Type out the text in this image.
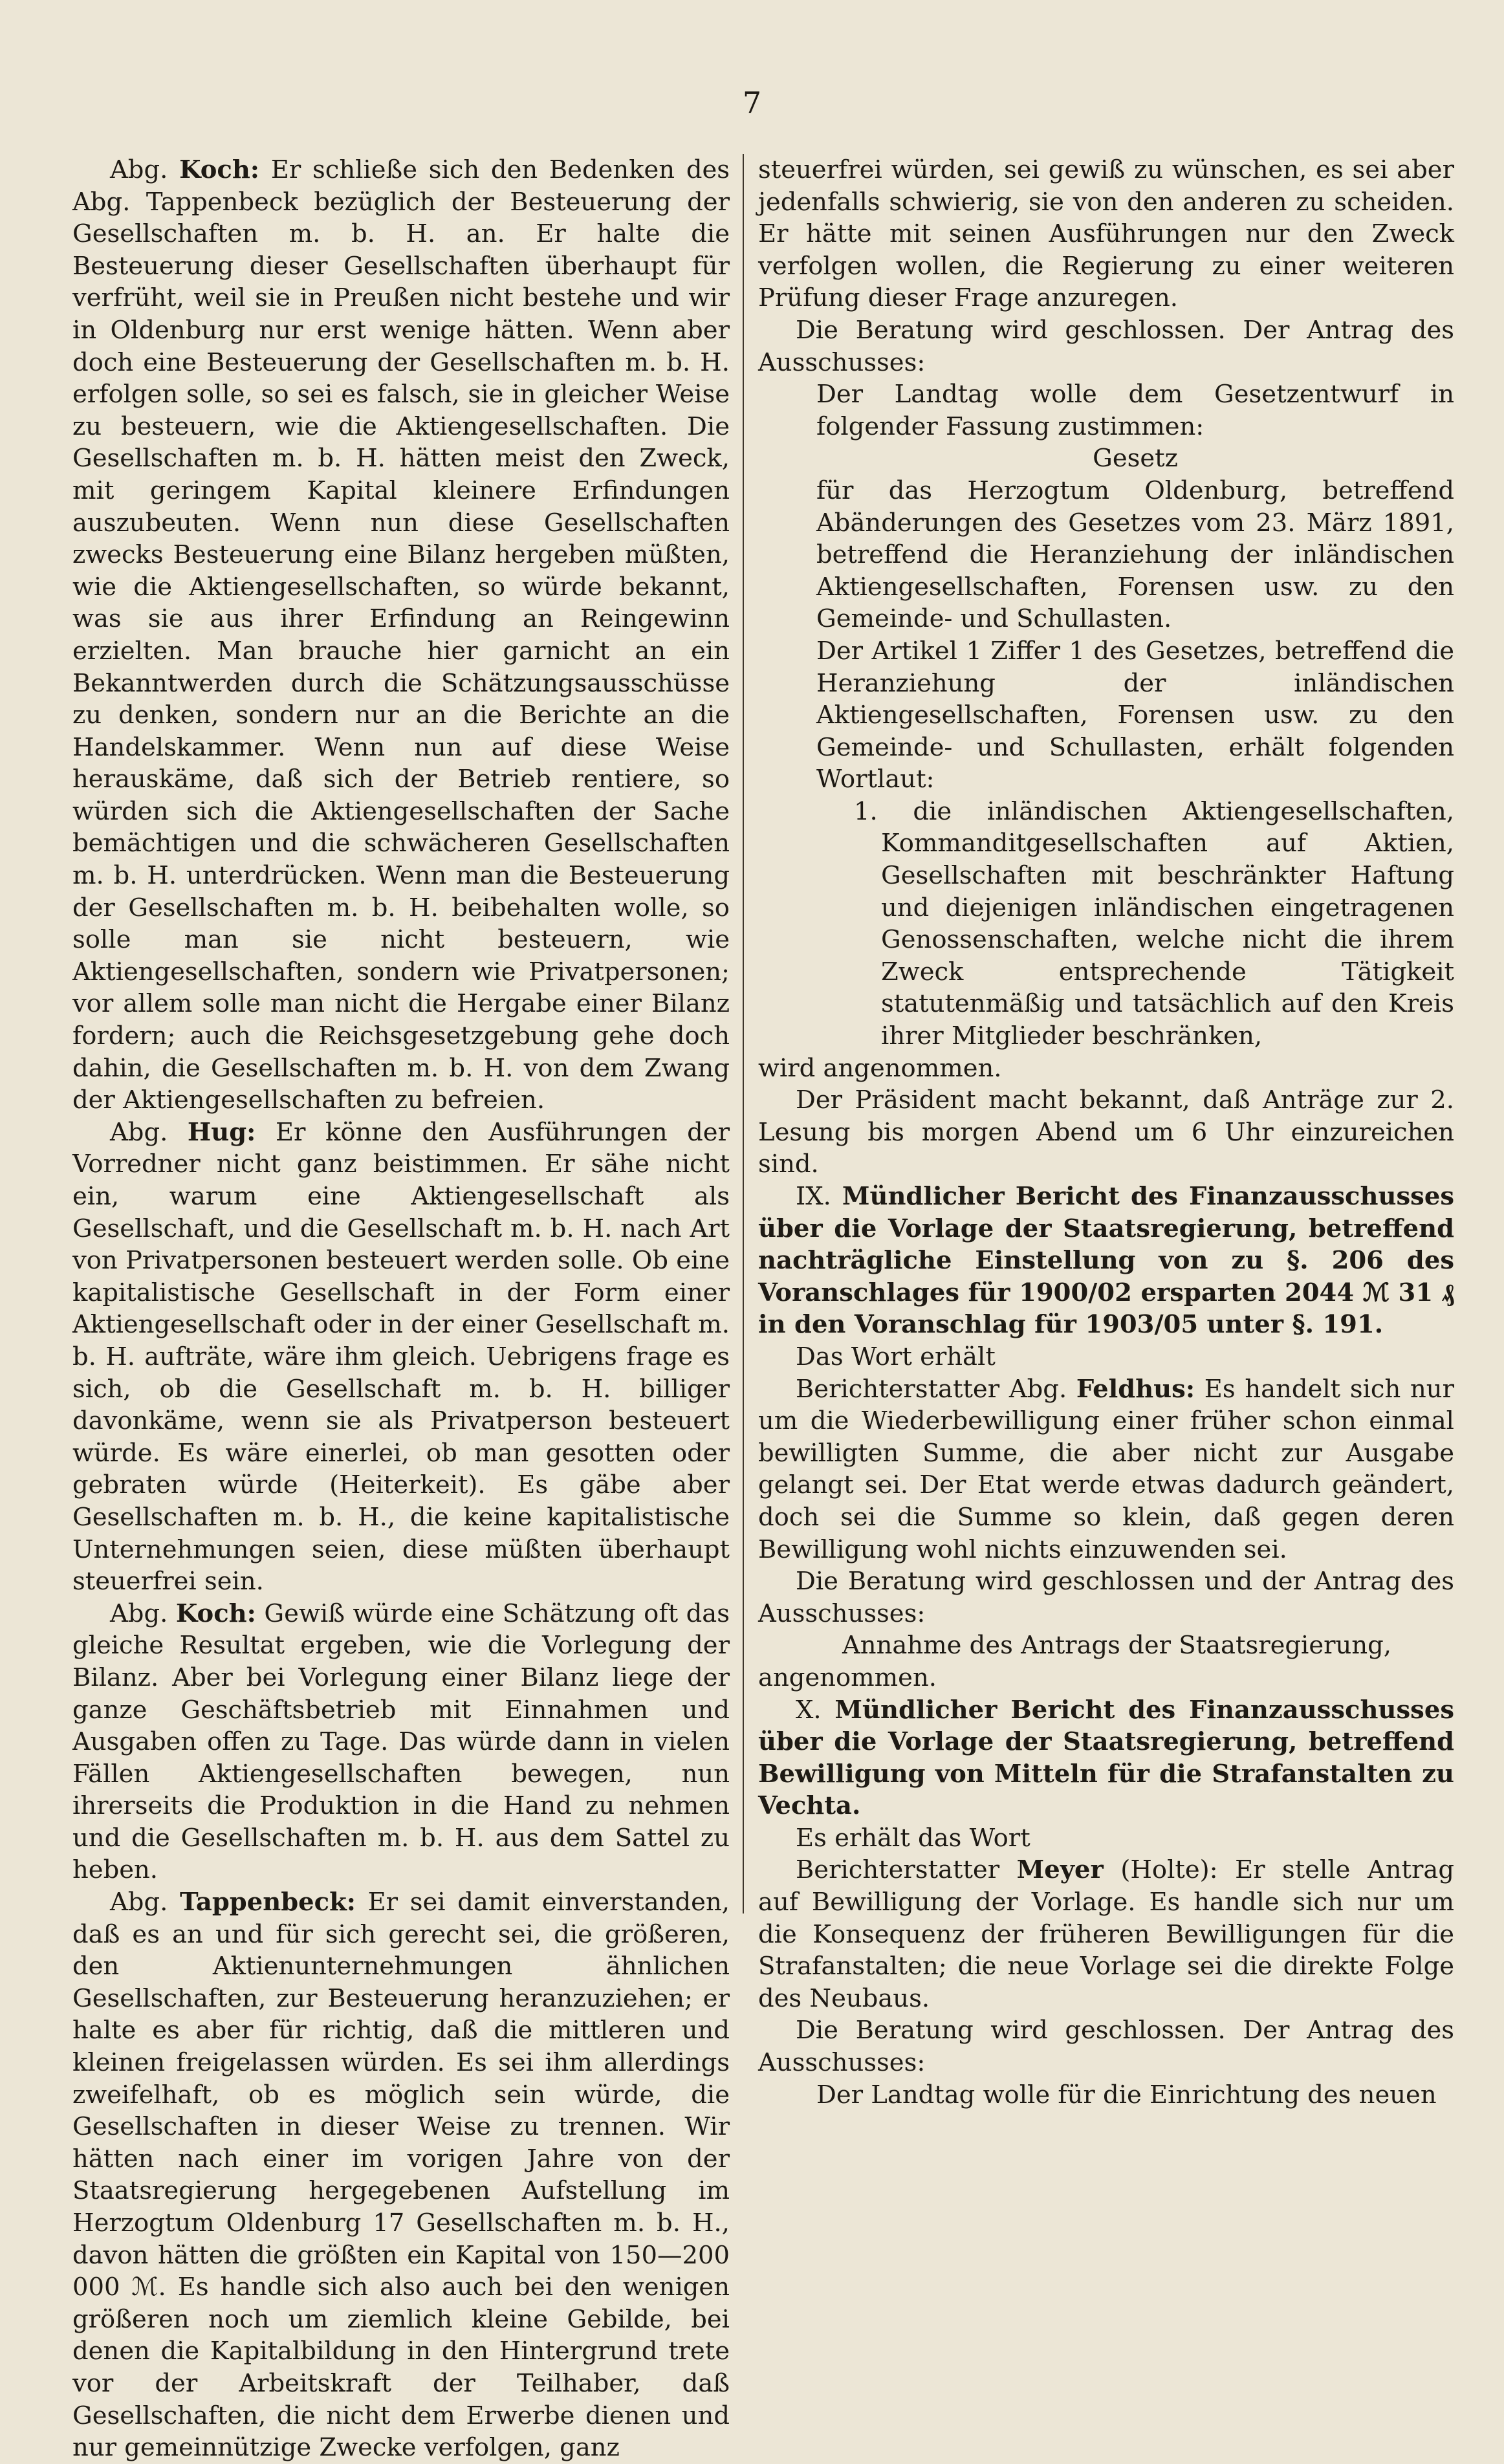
7

Abg. Koch: Er schließe sich den Bedenken des Abg. Tappenbeck bezüglich der Besteuerung der Gesellschaften m. b. H. an. Er halte die Besteuerung dieser Gesellschaften überhaupt für verfrüht, weil sie in Preußen nicht bestehe und wir in Oldenburg nur erst wenige hätten. Wenn aber doch eine Besteuerung der Gesellschaften m. b. H. erfolgen solle, so sei es falsch, sie in gleicher Weise zu besteuern, wie die Aktiengesellschaften. Die Gesellschaften m. b. H. hätten meist den Zweck, mit geringem Kapital kleinere Erfindungen auszubeuten. Wenn nun diese Gesellschaften zwecks Besteuerung eine Bilanz hergeben müßten, wie die Aktiengesellschaften, so würde bekannt, was sie aus ihrer Erfindung an Reingewinn erzielten. Man brauche hier garnicht an ein Bekanntwerden durch die Schätzungsausschüsse zu denken, sondern nur an die Berichte an die Handelskammer. Wenn nun auf diese Weise herauskäme, daß sich der Betrieb rentiere, so würden sich die Aktiengesellschaften der Sache bemächtigen und die schwächeren Gesellschaften m. b. H. unterdrücken. Wenn man die Besteuerung der Gesellschaften m. b. H. beibehalten wolle, so solle man sie nicht besteuern, wie Aktiengesellschaften, sondern wie Privatpersonen; vor allem solle man nicht die Hergabe einer Bilanz fordern; auch die Reichsgesetzgebung gehe doch dahin, die Gesellschaften m. b. H. von dem Zwang der Aktiengesellschaften zu befreien.

Abg. Hug: Er könne den Ausführungen der Vorredner nicht ganz beistimmen. Er sähe nicht ein, warum eine Aktiengesellschaft als Gesellschaft, und die Gesellschaft m. b. H. nach Art von Privatpersonen besteuert werden solle. Ob eine kapitalistische Gesellschaft in der Form einer Aktiengesellschaft oder in der einer Gesellschaft m. b. H. aufträte, wäre ihm gleich. Uebrigens frage es sich, ob die Gesellschaft m. b. H. billiger davonkäme, wenn sie als Privatperson besteuert würde. Es wäre einerlei, ob man gesotten oder gebraten würde (Heiterkeit). Es gäbe aber Gesellschaften m. b. H., die keine kapitalistische Unternehmungen seien, diese müßten überhaupt steuerfrei sein.

Abg. Koch: Gewiß würde eine Schätzung oft das gleiche Resultat ergeben, wie die Vorlegung der Bilanz. Aber bei Vorlegung einer Bilanz liege der ganze Geschäftsbetrieb mit Einnahmen und Ausgaben offen zu Tage. Das würde dann in vielen Fällen Aktiengesellschaften bewegen, nun ihrerseits die Produktion in die Hand zu nehmen und die Gesellschaften m. b. H. aus dem Sattel zu heben.

Abg. Tappenbeck: Er sei damit einverstanden, daß es an und für sich gerecht sei, die größeren, den Aktienunternehmungen ähnlichen Gesellschaften, zur Besteuerung heranzuziehen; er halte es aber für richtig, daß die mittleren und kleinen freigelassen würden. Es sei ihm allerdings zweifelhaft, ob es möglich sein würde, die Gesellschaften in dieser Weise zu trennen. Wir hätten nach einer im vorigen Jahre von der Staatsregierung hergegebenen Aufstellung im Herzogtum Oldenburg 17 Gesellschaften m. b. H., davon hätten die größten ein Kapital von 150—200 000 ℳ. Es handle sich also auch bei den wenigen größeren noch um ziemlich kleine Gebilde, bei denen die Kapitalbildung in den Hintergrund trete vor der Arbeitskraft der Teilhaber, daß Gesellschaften, die nicht dem Erwerbe dienen und nur gemeinnützige Zwecke verfolgen, ganz

steuerfrei würden, sei gewiß zu wünschen, es sei aber jedenfalls schwierig, sie von den anderen zu scheiden. Er hätte mit seinen Ausführungen nur den Zweck verfolgen wollen, die Regierung zu einer weiteren Prüfung dieser Frage anzuregen.

Die Beratung wird geschlossen. Der Antrag des Ausschusses:

Der Landtag wolle dem Gesetzentwurf in folgender Fassung zustimmen:

Gesetz

für das Herzogtum Oldenburg, betreffend Abänderungen des Gesetzes vom 23. März 1891, betreffend die Heranziehung der inländischen Aktiengesellschaften, Forensen usw. zu den Gemeinde- und Schullasten.

Der Artikel 1 Ziffer 1 des Gesetzes, betreffend die Heranziehung der inländischen Aktiengesellschaften, Forensen usw. zu den Gemeinde- und Schullasten, erhält folgenden Wortlaut:

1. die inländischen Aktiengesellschaften, Kommanditgesellschaften auf Aktien, Gesellschaften mit beschränkter Haftung und diejenigen inländischen eingetragenen Genossenschaften, welche nicht die ihrem Zweck entsprechende Tätigkeit statutenmäßig und tatsächlich auf den Kreis ihrer Mitglieder beschränken,

wird angenommen.

Der Präsident macht bekannt, daß Anträge zur 2. Lesung bis morgen Abend um 6 Uhr einzureichen sind.

IX. Mündlicher Bericht des Finanzausschusses über die Vorlage der Staatsregierung, betreffend nachträgliche Einstellung von zu §. 206 des Voranschlages für 1900/02 ersparten 2044 ℳ 31 ₰ in den Voranschlag für 1903/05 unter §. 191.

Das Wort erhält

Berichterstatter Abg. Feldhus: Es handelt sich nur um die Wiederbewilligung einer früher schon einmal bewilligten Summe, die aber nicht zur Ausgabe gelangt sei. Der Etat werde etwas dadurch geändert, doch sei die Summe so klein, daß gegen deren Bewilligung wohl nichts einzuwenden sei.

Die Beratung wird geschlossen und der Antrag des Ausschusses:

Annahme des Antrags der Staatsregierung,

angenommen.

X. Mündlicher Bericht des Finanzausschusses über die Vorlage der Staatsregierung, betreffend Bewilligung von Mitteln für die Strafanstalten zu Vechta.

Es erhält das Wort

Berichterstatter Meyer (Holte): Er stelle Antrag auf Bewilligung der Vorlage. Es handle sich nur um die Konsequenz der früheren Bewilligungen für die Strafanstalten; die neue Vorlage sei die direkte Folge des Neubaus.

Die Beratung wird geschlossen. Der Antrag des Ausschusses:

Der Landtag wolle für die Einrichtung des neuen
